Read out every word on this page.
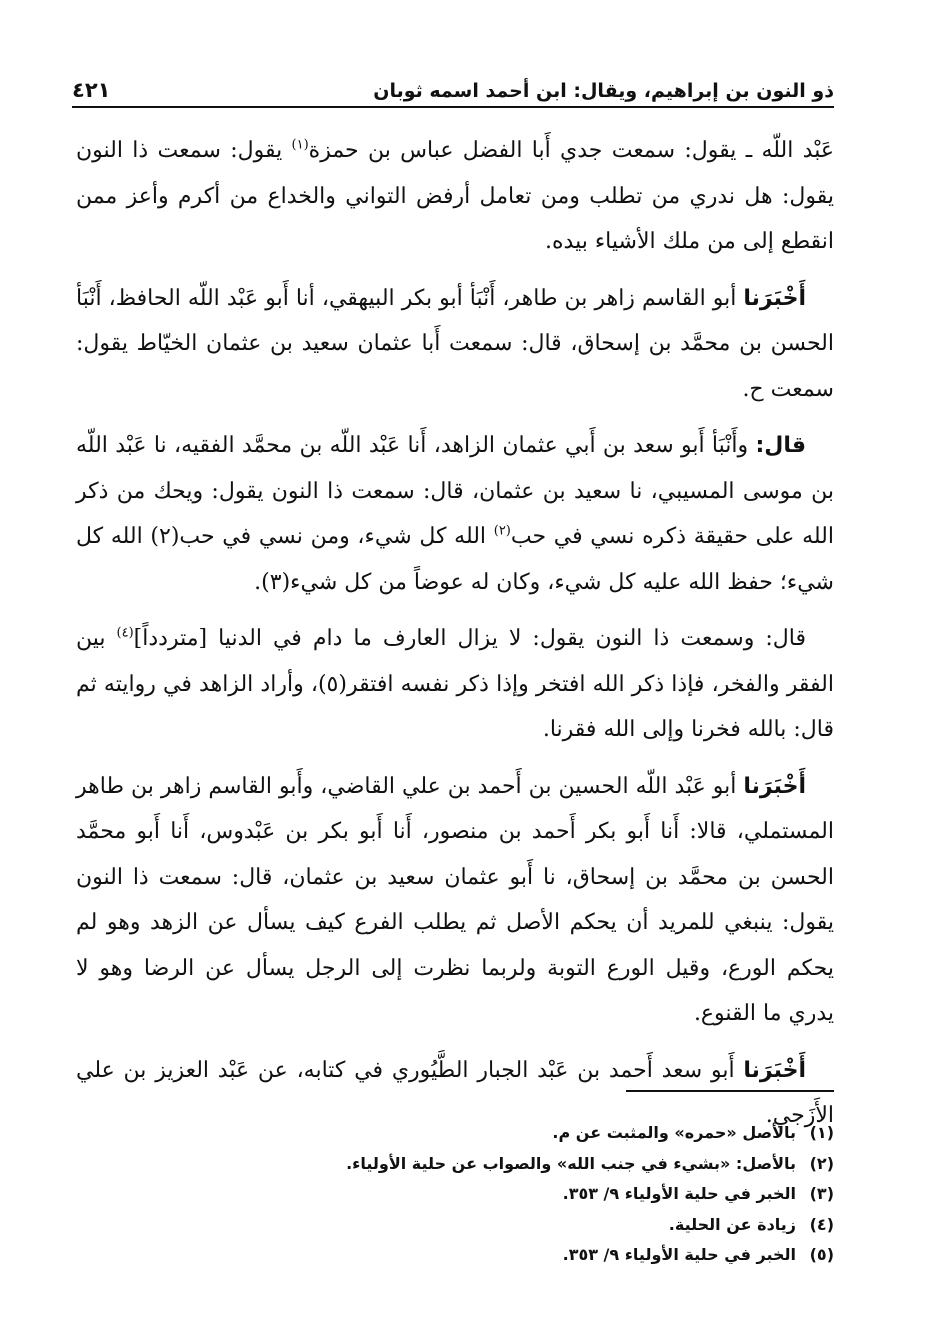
ذو النون بن إبراهيم، ويقال: ابن أحمد اسمه ثوبان
٤٢١

عَبْد اللّه ـ يقول: سمعت جدي أَبا الفضل عباس بن حمزة$^{(١)}$ يقول: سمعت ذا النون يقول: هل ندري من تطلب ومن تعامل أرفض التواني والخداع من أكرم وأعز ممن انقطع إلى من ملك الأشياء بيده.

أَخْبَرَنا أبو القاسم زاهر بن طاهر، أَنْبَأ أبو بكر البيهقي، أنا أَبو عَبْد اللّه الحافظ، أَنْبَأ الحسن بن محمَّد بن إسحاق، قال: سمعت أَبا عثمان سعيد بن عثمان الخيّاط يقول: سمعت ح.

قال: وأَنْبَأ أَبو سعد بن أَبي عثمان الزاهد، أَنا عَبْد اللّه بن محمَّد الفقيه، نا عَبْد اللّه بن موسى المسيبي، نا سعيد بن عثمان، قال: سمعت ذا النون يقول: ويحك من ذكر الله على حقيقة ذكره نسي في حب$^{(٢)}$ الله كل شيء، ومن نسي في حب(٢) الله كل شيء؛ حفظ الله عليه كل شيء، وكان له عوضاً من كل شيء(٣).

قال: وسمعت ذا النون يقول: لا يزال العارف ما دام في الدنيا [متردداً]$^{(٤)}$ بين الفقر والفخر، فإذا ذكر الله افتخر وإذا ذكر نفسه افتقر(٥)، وأراد الزاهد في روايته ثم قال: بالله فخرنا وإلى الله فقرنا.

أَخْبَرَنا أبو عَبْد اللّه الحسين بن أَحمد بن علي القاضي، وأَبو القاسم زاهر بن طاهر المستملي، قالا: أَنا أَبو بكر أَحمد بن منصور، أَنا أَبو بكر بن عَبْدوس، أَنا أَبو محمَّد الحسن بن محمَّد بن إسحاق، نا أَبو عثمان سعيد بن عثمان، قال: سمعت ذا النون يقول: ينبغي للمريد أن يحكم الأصل ثم يطلب الفرع كيف يسأل عن الزهد وهو لم يحكم الورع، وقيل الورع التوبة ولربما نظرت إلى الرجل يسأل عن الرضا وهو لا يدري ما القنوع.

أَخْبَرَنا أَبو سعد أَحمد بن عَبْد الجبار الطَّيُوري في كتابه، عن عَبْد العزيز بن علي الأَزَجي.

(١)بالأصل «حمره» والمثبت عن م.
(٢)بالأصل: «بشيء في جنب الله» والصواب عن حلية الأولياء.
(٣)الخبر في حلية الأولياء ٩/ ٣٥٣.
(٤)زيادة عن الحلية.
(٥)الخبر في حلية الأولياء ٩/ ٣٥٣.
